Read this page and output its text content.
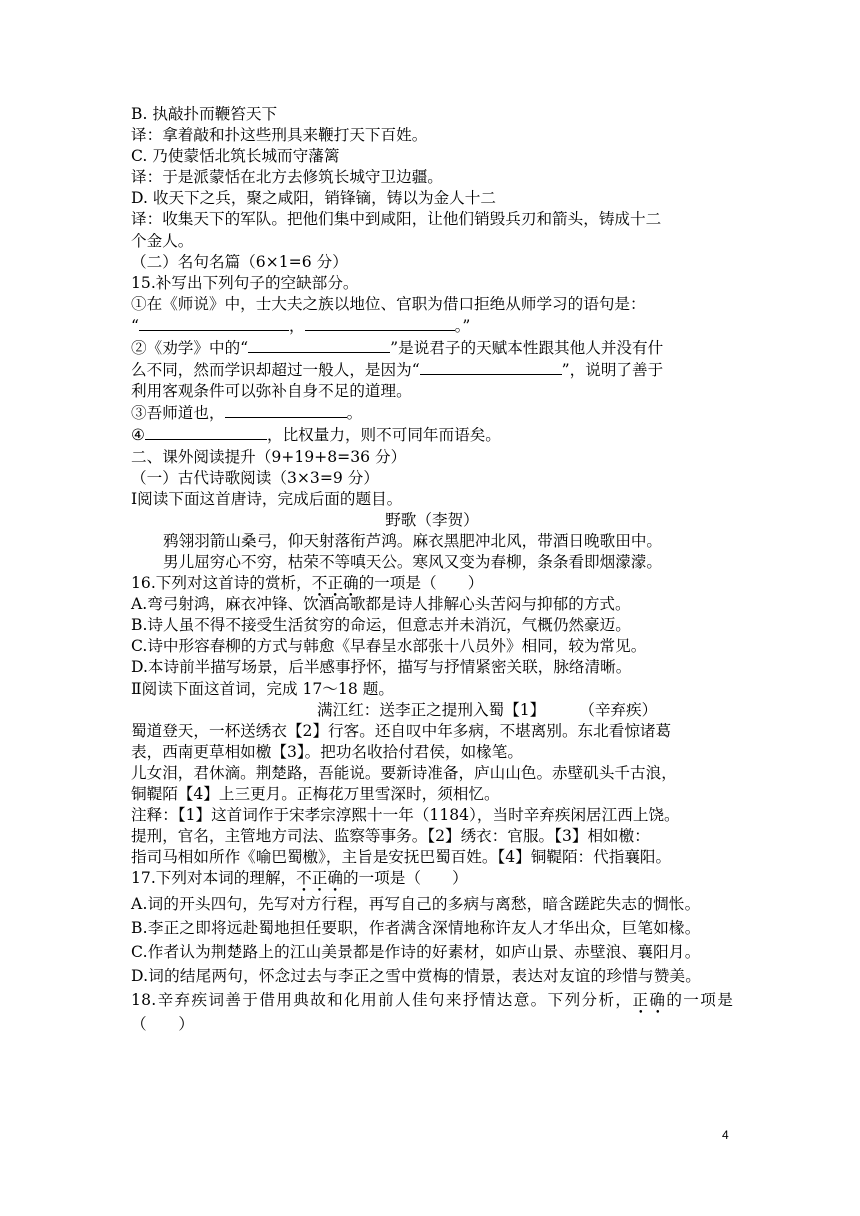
B. 执敲扑而鞭笞天下
译：拿着敲和扑这些刑具来鞭打天下百姓。
C. 乃使蒙恬北筑长城而守藩篱
译：于是派蒙恬在北方去修筑长城守卫边疆。
D. 收天下之兵，聚之咸阳，销锋镝，铸以为金人十二
译：收集天下的军队。把他们集中到咸阳，让他们销毁兵刃和箭头，铸成十二
个金人。
（二）名句名篇（6×1=6 分）
15.补写出下列句子的空缺部分。
①在《师说》中，士大夫之族以地位、官职为借口拒绝从师学习的语句是：
“	，	。”
②《劝学》中的“	”是说君子的天赋本性跟其他人并没有什
么不同，然而学识却超过一般人，是因为“	”，说明了善于
利用客观条件可以弥补自身不足的道理。
③吾师道也，	。
④	，比权量力，则不可同年而语矣。
二、课外阅读提升（9+19+8=36 分）
（一）古代诗歌阅读（3×3=9 分）
Ⅰ阅读下面这首唐诗，完成后面的题目。
野歌（李贺）
鸦翎羽箭山桑弓，仰天射落衔芦鸿。麻衣黑肥冲北风，带酒日晚歌田中。
男儿屈穷心不穷，枯荣不等嗔天公。寒风又变为春柳，条条看即烟濛濛。
16.下列对这首诗的赏析，不正确的一项是（　　）
A.弯弓射鸿，麻衣冲锋、饮酒高歌都是诗人排解心头苦闷与抑郁的方式。
B.诗人虽不得不接受生活贫穷的命运，但意志并未消沉，气概仍然豪迈。
C.诗中形容春柳的方式与韩愈《早春呈水部张十八员外》相同，较为常见。
D.本诗前半描写场景，后半感事抒怀，描写与抒情紧密关联，脉络清晰。
Ⅱ阅读下面这首词，完成 17～18 题。
满江红：送李正之提刑入蜀【1】 （辛弃疾）
蜀道登天，一杯送绣衣【2】行客。还自叹中年多病，不堪离别。东北看惊诸葛
表，西南更草相如檄【3】。把功名收拾付君侯，如椽笔。
儿女泪，君休滴。荆楚路，吾能说。要新诗准备，庐山山色。赤壁矶头千古浪，
铜鞮陌【4】上三更月。正梅花万里雪深时，须相忆。
注释：【1】这首词作于宋孝宗淳熙十一年（1184），当时辛弃疾闲居江西上饶。
提刑，官名，主管地方司法、监察等事务。【2】绣衣：官服。【3】相如檄：
指司马相如所作《喻巴蜀檄》，主旨是安抚巴蜀百姓。【4】铜鞮陌：代指襄阳。
17.下列对本词的理解，不正确的一项是（　　）
A.词的开头四句，先写对方行程，再写自己的多病与离愁，暗含蹉跎失志的惆怅。
B.李正之即将远赴蜀地担任要职，作者满含深情地称许友人才华出众，巨笔如椽。
C.作者认为荆楚路上的江山美景都是作诗的好素材，如庐山景、赤壁浪、襄阳月。
D.词的结尾两句，怀念过去与李正之雪中赏梅的情景，表达对友谊的珍惜与赞美。
18.辛弃疾词善于借用典故和化用前人佳句来抒情达意。下列分析，正确的一项是（　　）
4
